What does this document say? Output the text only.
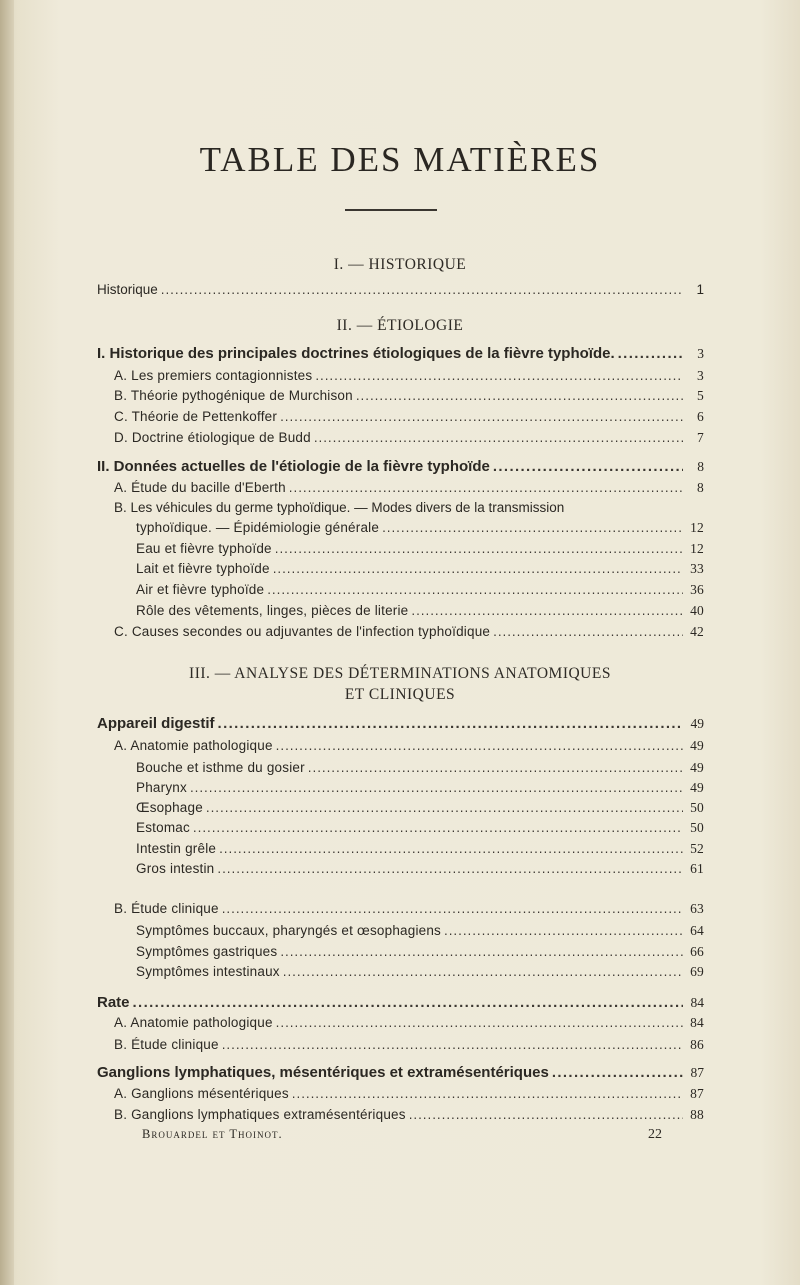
TABLE DES MATIÈRES
I. — HISTORIQUE
Historique . . .	1
II. — ÉTIOLOGIE
I. Historique des principales doctrines étiologiques de la fièvre typhoïde. . . .	3
A. Les premiers contagionnistes . . .	3
B. Théorie pythogénique de Murchison . . .	5
C. Théorie de Pettenkoffer . . .	6
D. Doctrine étiologique de Budd . . .	7
II. Données actuelles de l'étiologie de la fièvre typhoïde . . .	8
A. Étude du bacille d'Eberth . . .	8
B. Les véhicules du germe typhoïdique. — Modes divers de la transmission
typhoïdique. — Épidémiologie générale . . .	12
Eau et fièvre typhoïde . . .	12
Lait et fièvre typhoïde . . .	33
Air et fièvre typhoïde . . .	36
Rôle des vêtements, linges, pièces de literie . . .	40
C. Causes secondes ou adjuvantes de l'infection typhoïdique . . .	42
III. — ANALYSE DES DÉTERMINATIONS ANATOMIQUES
ET CLINIQUES
Appareil digestif . . .	49
A. Anatomie pathologique . . .	49
Bouche et isthme du gosier . . .	49
Pharynx . . .	49
Œsophage . . .	50
Estomac . . .	50
Intestin grêle . . .	52
Gros intestin . . .	61
B. Étude clinique . . .	63
Symptômes buccaux, pharyngés et œsophagiens . . .	64
Symptômes gastriques . . .	66
Symptômes intestinaux . . .	69
Rate . . .	84
A. Anatomie pathologique . . .	84
B. Étude clinique . . .	86
Ganglions lymphatiques, mésentériques et extramésentériques . . .	87
A. Ganglions mésentériques . . .	87
B. Ganglions lymphatiques extramésentériques . . .	88
Brouardel et Thoinot.	22
